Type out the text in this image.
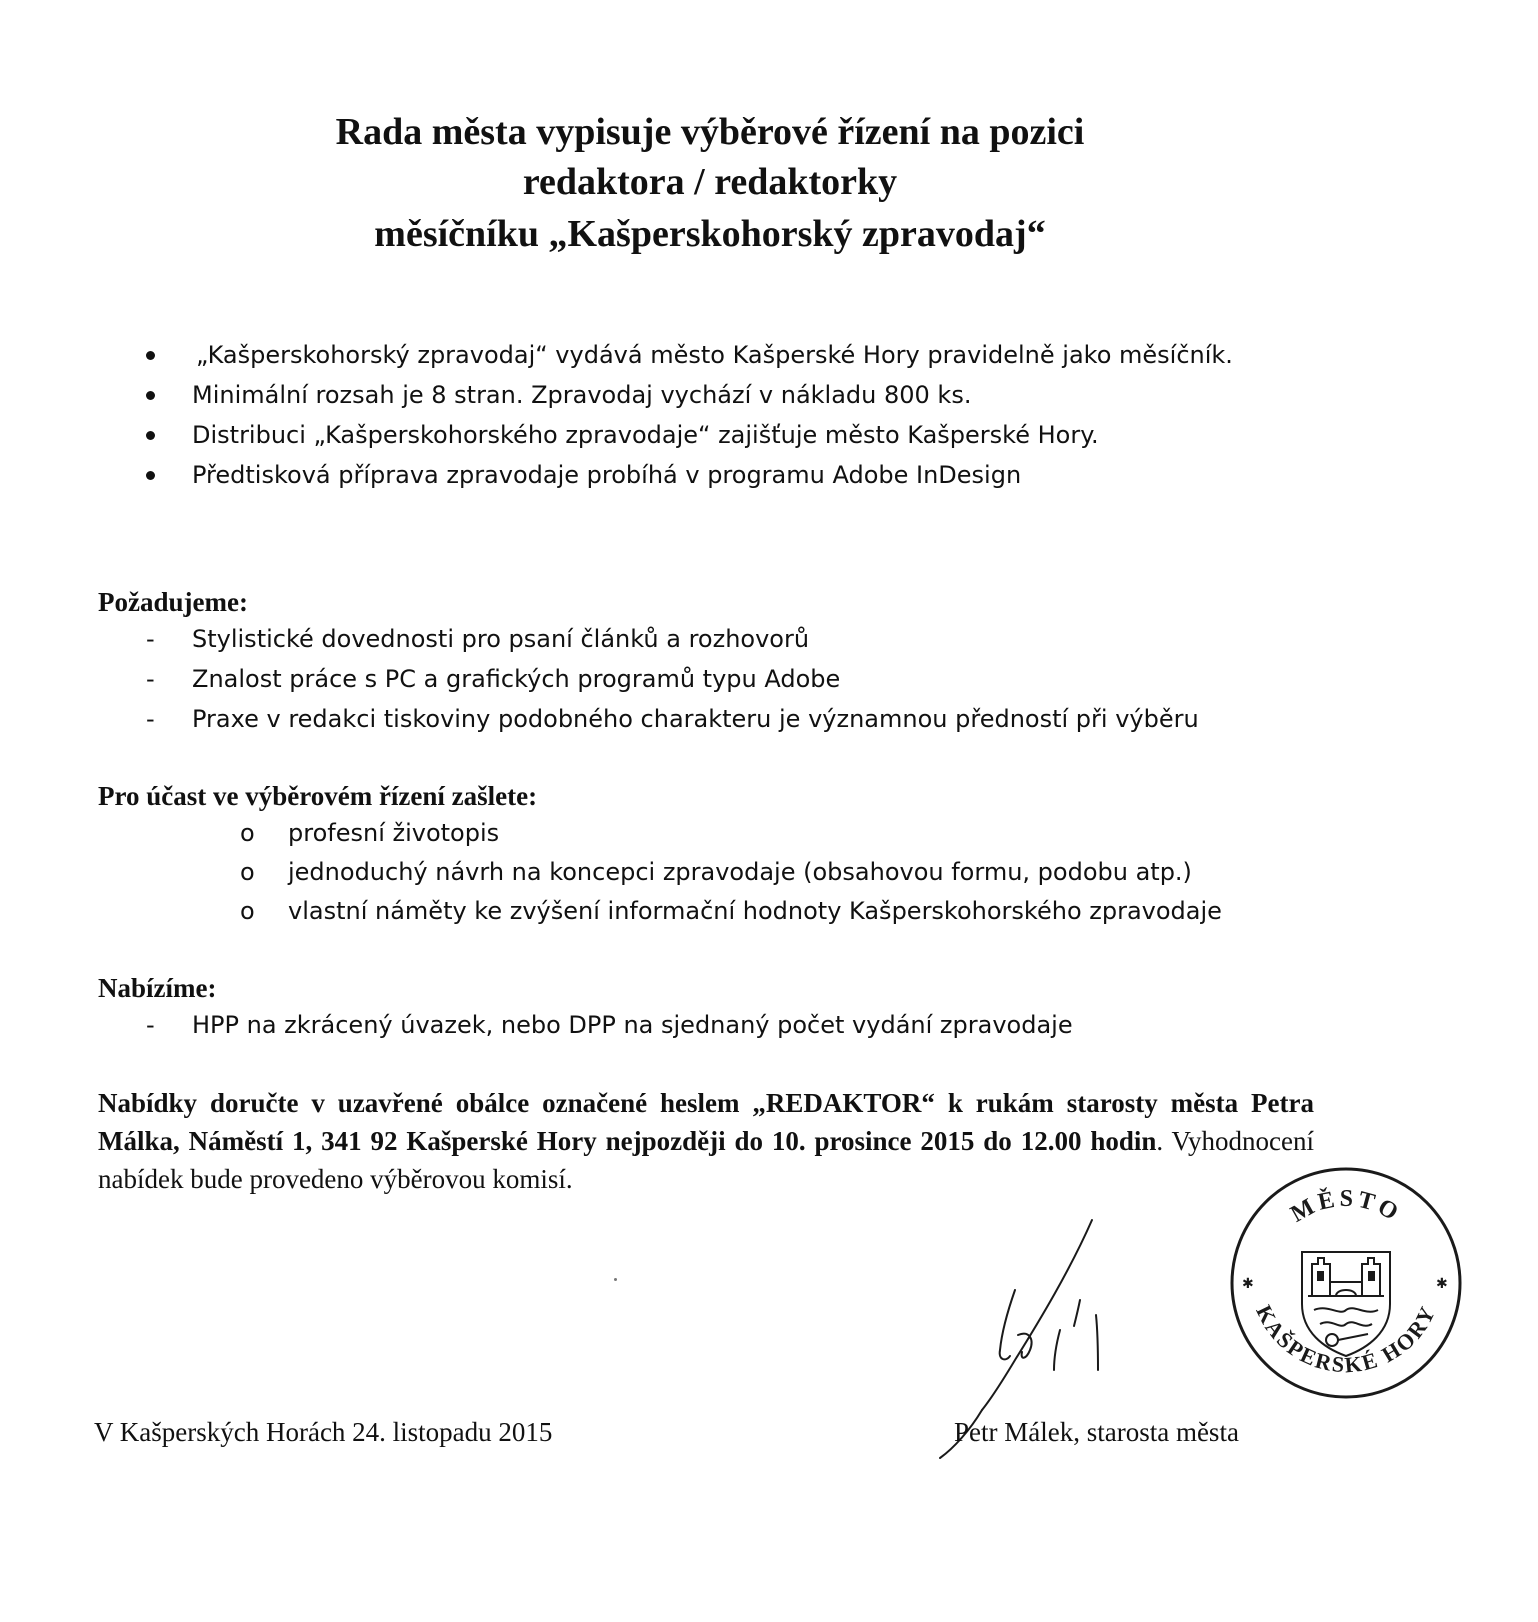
Rada města vypisuje výběrové řízení na pozici
redaktora / redaktorky
měsíčníku „Kašperskohorský zpravodaj“
„Kašperskohorský zpravodaj“ vydává město Kašperské Hory pravidelně jako měsíčník.
Minimální rozsah je 8 stran. Zpravodaj vychází v nákladu 800 ks.
Distribuci „Kašperskohorského zpravodaje“ zajišťuje město Kašperské Hory.
Předtisková příprava zpravodaje probíhá v programu Adobe InDesign
Požadujeme:
- Stylistické dovednosti pro psaní článků a rozhovorů
- Znalost práce s PC a grafických programů typu Adobe
- Praxe v redakci tiskoviny podobného charakteru je významnou předností při výběru
Pro účast ve výběrovém řízení zašlete:
o profesní životopis
o jednoduchý návrh na koncepci zpravodaje (obsahovou formu, podobu atp.)
o vlastní náměty ke zvýšení informační hodnoty Kašperskohorského zpravodaje
Nabízíme:
- HPP na zkrácený úvazek, nebo DPP na sjednaný počet vydání zpravodaje
Nabídky doručte v uzavřené obálce označené heslem „REDAKTOR“ k rukám starosty města Petra Málka, Náměstí 1, 341 92 Kašperské Hory nejpozději do 10. prosince 2015 do 12.00 hodin. Vyhodnocení nabídek bude provedeno výběrovou komisí.
MĚSTO
KAŠPERSKÉ HORY
✱	✱
V Kašperských Horách 24. listopadu 2015	Petr Málek, starosta města
